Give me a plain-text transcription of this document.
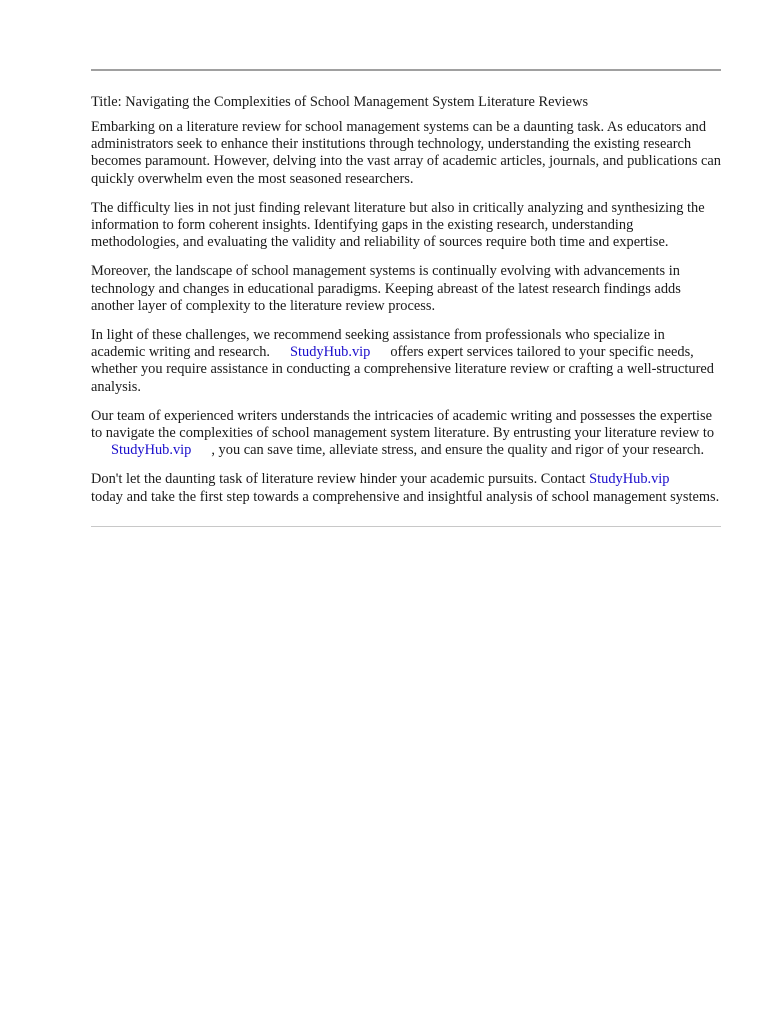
Title: Navigating the Complexities of School Management System Literature Reviews

Embarking on a literature review for school management systems can be a daunting task. As educators and administrators seek to enhance their institutions through technology, understanding the existing research becomes paramount. However, delving into the vast array of academic articles, journals, and publications can quickly overwhelm even the most seasoned researchers.

The difficulty lies in not just finding relevant literature but also in critically analyzing and synthesizing the information to form coherent insights. Identifying gaps in the existing research, understanding methodologies, and evaluating the validity and reliability of sources require both time and expertise.

Moreover, the landscape of school management systems is continually evolving with advancements in technology and changes in educational paradigms. Keeping abreast of the latest research findings adds another layer of complexity to the literature review process.

In light of these challenges, we recommend seeking assistance from professionals who specialize in academic writing and research. StudyHub.vip offers expert services tailored to your specific needs, whether you require assistance in conducting a comprehensive literature review or crafting a well-structured analysis.

Our team of experienced writers understands the intricacies of academic writing and possesses the expertise to navigate the complexities of school management system literature. By entrusting your literature review toStudyHub.vip , you can save time, alleviate stress, and ensure the quality and rigor of your research.

Don't let the daunting task of literature review hinder your academic pursuits. Contact StudyHub.viptoday and take the first step towards a comprehensive and insightful analysis of school management systems.
